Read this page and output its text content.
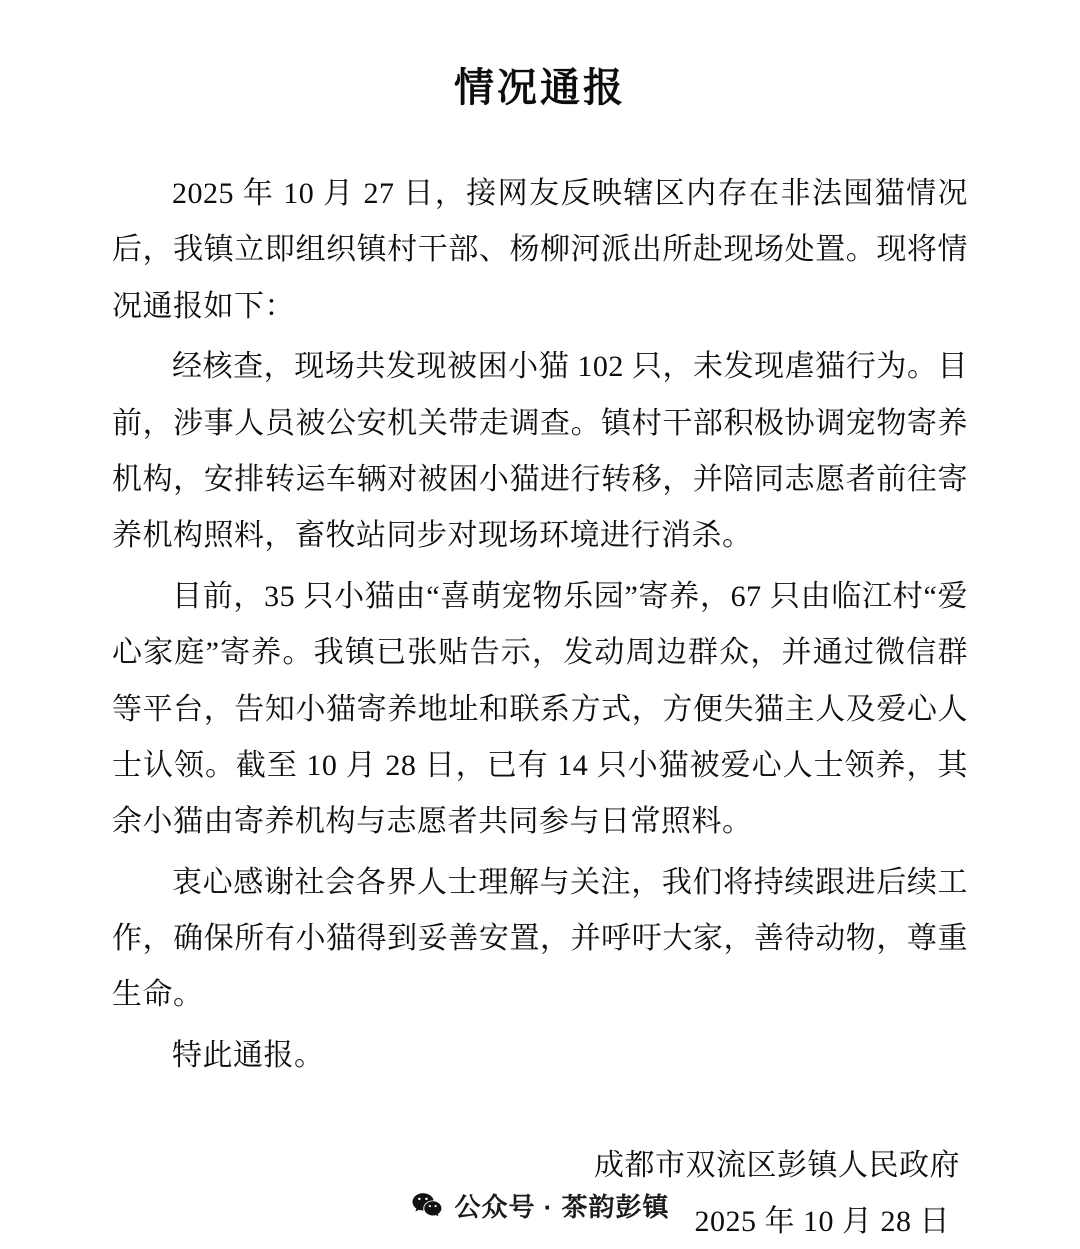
情况通报

2025 年 10 月 27 日，接网友反映辖区内存在非法囤猫情况后，我镇立即组织镇村干部、杨柳河派出所赴现场处置。现将情况通报如下：

经核查，现场共发现被困小猫 102 只，未发现虐猫行为。目前，涉事人员被公安机关带走调查。镇村干部积极协调宠物寄养机构，安排转运车辆对被困小猫进行转移，并陪同志愿者前往寄养机构照料，畜牧站同步对现场环境进行消杀。

目前，35 只小猫由“喜萌宠物乐园”寄养，67 只由临江村“爱心家庭”寄养。我镇已张贴告示，发动周边群众，并通过微信群等平台，告知小猫寄养地址和联系方式，方便失猫主人及爱心人士认领。截至 10 月 28 日，已有 14 只小猫被爱心人士领养，其余小猫由寄养机构与志愿者共同参与日常照料。

衷心感谢社会各界人士理解与关注，我们将持续跟进后续工作，确保所有小猫得到妥善安置，并呼吁大家，善待动物，尊重生命。

特此通报。

成都市双流区彭镇人民政府
2025 年 10 月 28 日
公众号 · 茶韵彭镇
